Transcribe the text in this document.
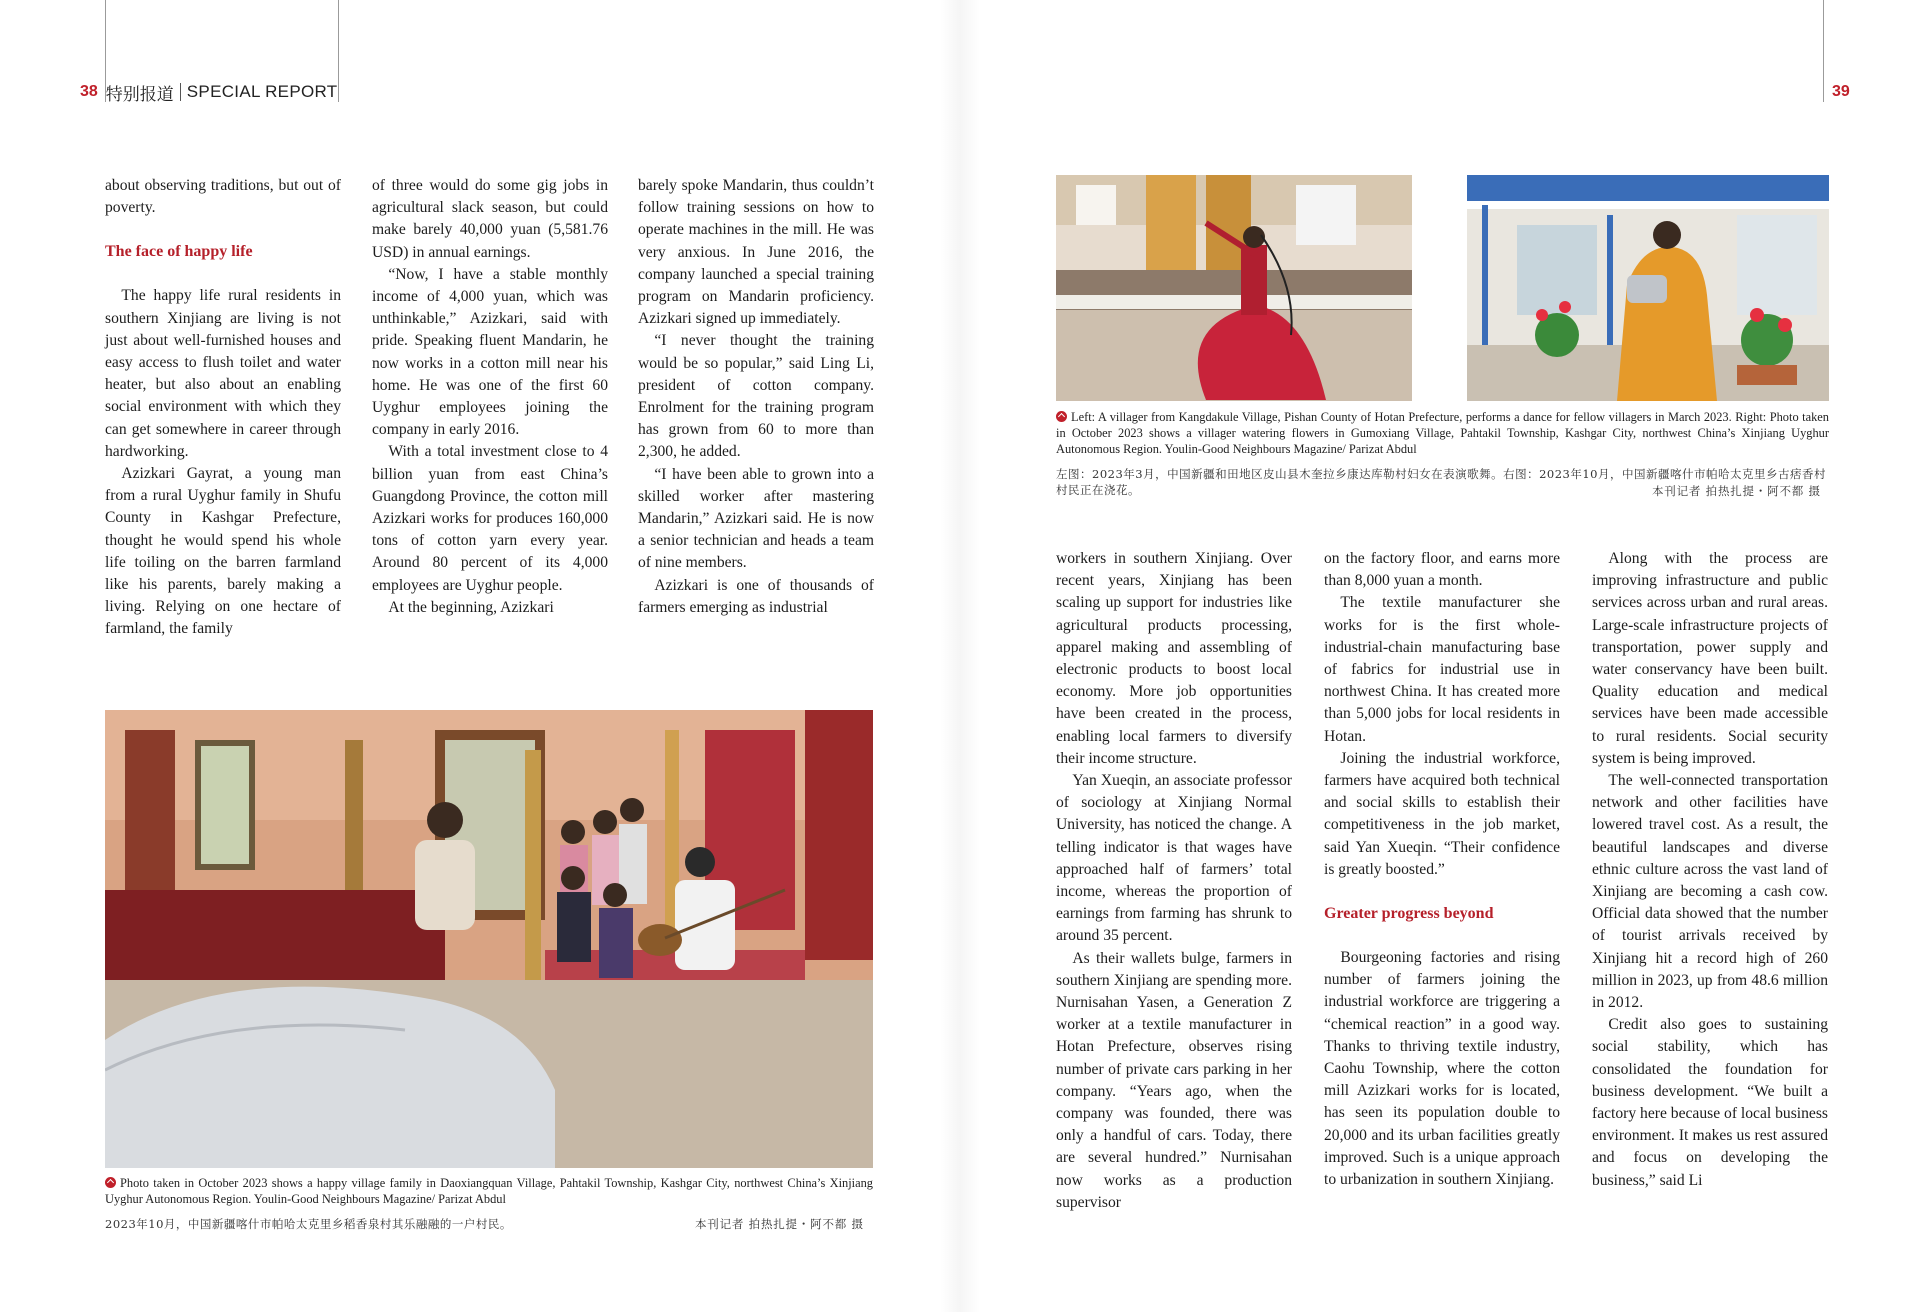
38 特别报道 SPECIAL REPORT

about observing traditions, but out of poverty.

The face of happy life

The happy life rural residents in southern Xinjiang are living is not just about well-furnished houses and easy access to flush toilet and water heater, but also about an enabling social environment with which they can get somewhere in career through hardworking.

Azizkari Gayrat, a young man from a rural Uyghur family in Shufu County in Kashgar Prefecture, thought he would spend his whole life toiling on the barren farmland like his parents, barely making a living. Relying on one hectare of farmland, the family

of three would do some gig jobs in agricultural slack season, but could make barely 40,000 yuan (5,581.76 USD) in annual earnings.

“Now, I have a stable monthly income of 4,000 yuan, which was unthinkable,” Azizkari, said with pride. Speaking fluent Mandarin, he now works in a cotton mill near his home. He was one of the first 60 Uyghur employees joining the company in early 2016.

With a total investment close to 4 billion yuan from east China’s Guangdong Province, the cotton mill Azizkari works for produces 160,000 tons of cotton yarn every year. Around 80 percent of its 4,000 employees are Uyghur people.

At the beginning, Azizkari

barely spoke Mandarin, thus couldn’t follow training sessions on how to operate machines in the mill. He was very anxious. In June 2016, the company launched a special training program on Mandarin proficiency. Azizkari signed up immediately.

“I never thought the training would be so popular,” said Ling Li, president of cotton company. Enrolment for the training program has grown from 60 to more than 2,300, he added.

“I have been able to grown into a skilled worker after mastering Mandarin,” Azizkari said. He is now a senior technician and heads a team of nine members.

Azizkari is one of thousands of farmers emerging as industrial

Photo taken in October 2023 shows a happy village family in Daoxiangquan Village, Pahtakil Township, Kashgar City, northwest China’s Xinjiang Uyghur Autonomous Region. Youlin-Good Neighbours Magazine/ Parizat Abdul
2023年10月，中国新疆喀什市帕哈太克里乡稻香泉村其乐融融的一户村民。	本刊记者 拍热扎提・阿不都 摄
39
Left: A villager from Kangdakule Village, Pishan County of Hotan Prefecture, performs a dance for fellow villagers in March 2023. Right: Photo taken in October 2023 shows a villager watering flowers in Gumoxiang Village, Pahtakil Township, Kashgar City, northwest China’s Xinjiang Uyghur Autonomous Region. Youlin-Good Neighbours Magazine/ Parizat Abdul
左图：2023年3月，中国新疆和田地区皮山县木奎拉乡康达库勒村妇女在表演歌舞。右图：2023年10月，中国新疆喀什市帕哈太克里乡古痞香村村民正在浇花。	本刊记者 拍热扎提・阿不都 摄

workers in southern Xinjiang. Over recent years, Xinjiang has been scaling up support for industries like agricultural products processing, apparel making and assembling of electronic products to boost local economy. More job opportunities have been created in the process, enabling local farmers to diversify their income structure.

Yan Xueqin, an associate professor of sociology at Xinjiang Normal University, has noticed the change. A telling indicator is that wages have approached half of farmers’ total income, whereas the proportion of earnings from farming has shrunk to around 35 percent.

As their wallets bulge, farmers in southern Xinjiang are spending more. Nurnisahan Yasen, a Generation Z worker at a textile manufacturer in Hotan Prefecture, observes rising number of private cars parking in her company. “Years ago, when the company was founded, there was only a handful of cars. Today, there are several hundred.” Nurnisahan now works as a production supervisor

on the factory floor, and earns more than 8,000 yuan a month.

The textile manufacturer she works for is the first whole-industrial-chain manufacturing base of fabrics for industrial use in northwest China. It has created more than 5,000 jobs for local residents in Hotan.

Joining the industrial workforce, farmers have acquired both technical and social skills to establish their competitiveness in the job market, said Yan Xueqin. “Their confidence is greatly boosted.”

Greater progress beyond

Bourgeoning factories and rising number of farmers joining the industrial workforce are triggering a “chemical reaction” in a good way. Thanks to thriving textile industry, Caohu Township, where the cotton mill Azizkari works for is located, has seen its population double to 20,000 and its urban facilities greatly improved. Such is a unique approach to urbanization in southern Xinjiang.

Along with the process are improving infrastructure and public services across urban and rural areas. Large-scale infrastructure projects of transportation, power supply and water conservancy have been built. Quality education and medical services have been made accessible to rural residents. Social security system is being improved.

The well-connected transportation network and other facilities have lowered travel cost. As a result, the beautiful landscapes and diverse ethnic culture across the vast land of Xinjiang are becoming a cash cow. Official data showed that the number of tourist arrivals received by Xinjiang hit a record high of 260 million in 2023, up from 48.6 million in 2012.

Credit also goes to sustaining social stability, which has consolidated the foundation for business development. “We built a factory here because of local business environment. It makes us rest assured and focus on developing the business,” said Li
